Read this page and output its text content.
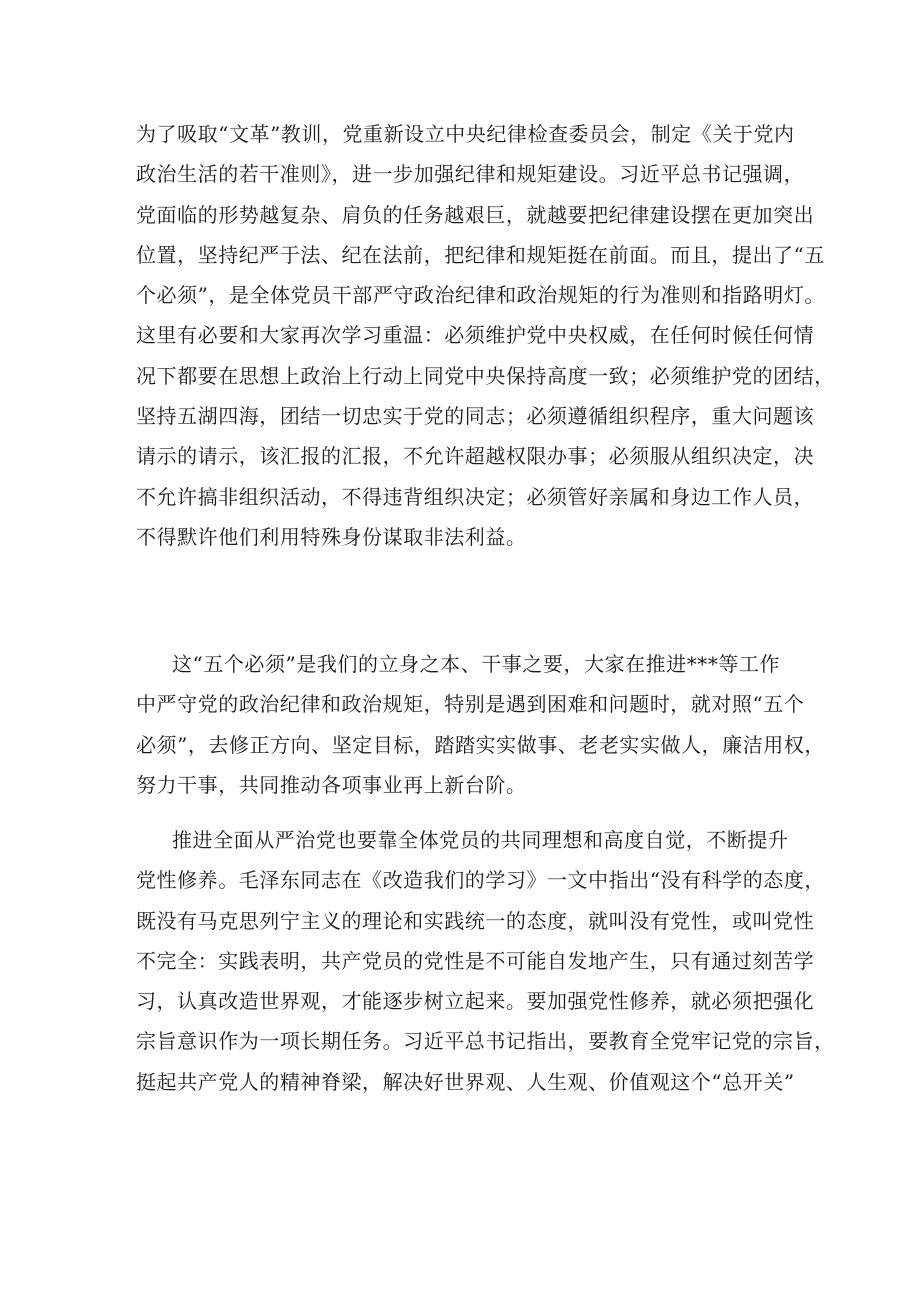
为了吸取“文革”教训，党重新设立中央纪律检查委员会，制定《关于党内
政治生活的若干准则》，进一步加强纪律和规矩建设。习近平总书记强调，
党面临的形势越复杂、肩负的任务越艰巨，就越要把纪律建设摆在更加突出
位置，坚持纪严于法、纪在法前，把纪律和规矩挺在前面。而且，提出了“五
个必须”，是全体党员干部严守政治纪律和政治规矩的行为准则和指路明灯。
这里有必要和大家再次学习重温：必须维护党中央权威，在任何时候任何情
况下都要在思想上政治上行动上同党中央保持高度一致；必须维护党的团结，
坚持五湖四海，团结一切忠实于党的同志；必须遵循组织程序，重大问题该
请示的请示，该汇报的汇报，不允许超越权限办事；必须服从组织决定，决
不允许搞非组织活动，不得违背组织决定；必须管好亲属和身边工作人员，
不得默许他们利用特殊身份谋取非法利益。
这“五个必须”是我们的立身之本、干事之要，大家在推进***等工作
中严守党的政治纪律和政治规矩，特别是遇到困难和问题时，就对照“五个
必须”，去修正方向、坚定目标，踏踏实实做事、老老实实做人，廉洁用权，
努力干事，共同推动各项事业再上新台阶。
推进全面从严治党也要靠全体党员的共同理想和高度自觉，不断提升
党性修养。毛泽东同志在《改造我们的学习》一文中指出“没有科学的态度，
既没有马克思列宁主义的理论和实践统一的态度，就叫没有党性，或叫党性
不完全：实践表明，共产党员的党性是不可能自发地产生，只有通过刻苦学
习，认真改造世界观，才能逐步树立起来。要加强党性修养，就必须把强化
宗旨意识作为一项长期任务。习近平总书记指出，要教育全党牢记党的宗旨，
挺起共产党人的精神脊梁，解决好世界观、人生观、价值观这个“总开关”
